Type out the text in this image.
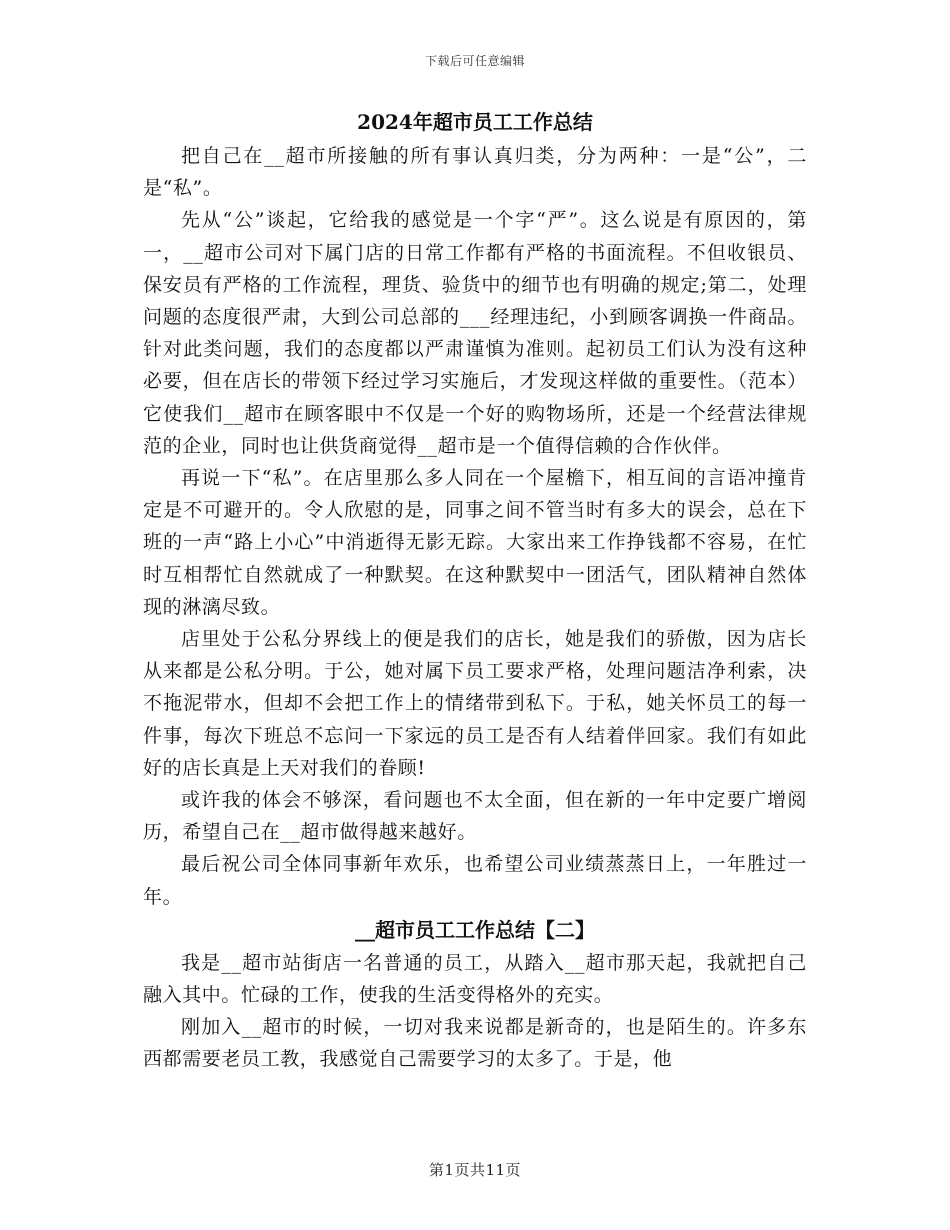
下载后可任意编辑
2024年超市员工工作总结

把自己在__超市所接触的所有事认真归类，分为两种：一是“公”，二是“私”。

先从“公”谈起，它给我的感觉是一个字“严”。这么说是有原因的，第一，__超市公司对下属门店的日常工作都有严格的书面流程。不但收银员、保安员有严格的工作流程，理货、验货中的细节也有明确的规定;第二，处理问题的态度很严肃，大到公司总部的___经理违纪，小到顾客调换一件商品。针对此类问题，我们的态度都以严肃谨慎为准则。起初员工们认为没有这种必要，但在店长的带领下经过学习实施后，才发现这样做的重要性。（范本）它使我们__超市在顾客眼中不仅是一个好的购物场所，还是一个经营法律规范的企业，同时也让供货商觉得__超市是一个值得信赖的合作伙伴。

再说一下“私”。在店里那么多人同在一个屋檐下，相互间的言语冲撞肯定是不可避开的。令人欣慰的是，同事之间不管当时有多大的误会，总在下班的一声“路上小心”中消逝得无影无踪。大家出来工作挣钱都不容易，在忙时互相帮忙自然就成了一种默契。在这种默契中一团活气，团队精神自然体现的淋漓尽致。

店里处于公私分界线上的便是我们的店长，她是我们的骄傲，因为店长从来都是公私分明。于公，她对属下员工要求严格，处理问题洁净利索，决不拖泥带水，但却不会把工作上的情绪带到私下。于私，她关怀员工的每一件事，每次下班总不忘问一下家远的员工是否有人结着伴回家。我们有如此好的店长真是上天对我们的眷顾!

或许我的体会不够深，看问题也不太全面，但在新的一年中定要广增阅历，希望自己在__超市做得越来越好。

最后祝公司全体同事新年欢乐，也希望公司业绩蒸蒸日上，一年胜过一年。

__超市员工工作总结【二】

我是__超市站街店一名普通的员工，从踏入__超市那天起，我就把自己融入其中。忙碌的工作，使我的生活变得格外的充实。

刚加入__超市的时候，一切对我来说都是新奇的，也是陌生的。许多东西都需要老员工教，我感觉自己需要学习的太多了。于是，他

第1页共11页
